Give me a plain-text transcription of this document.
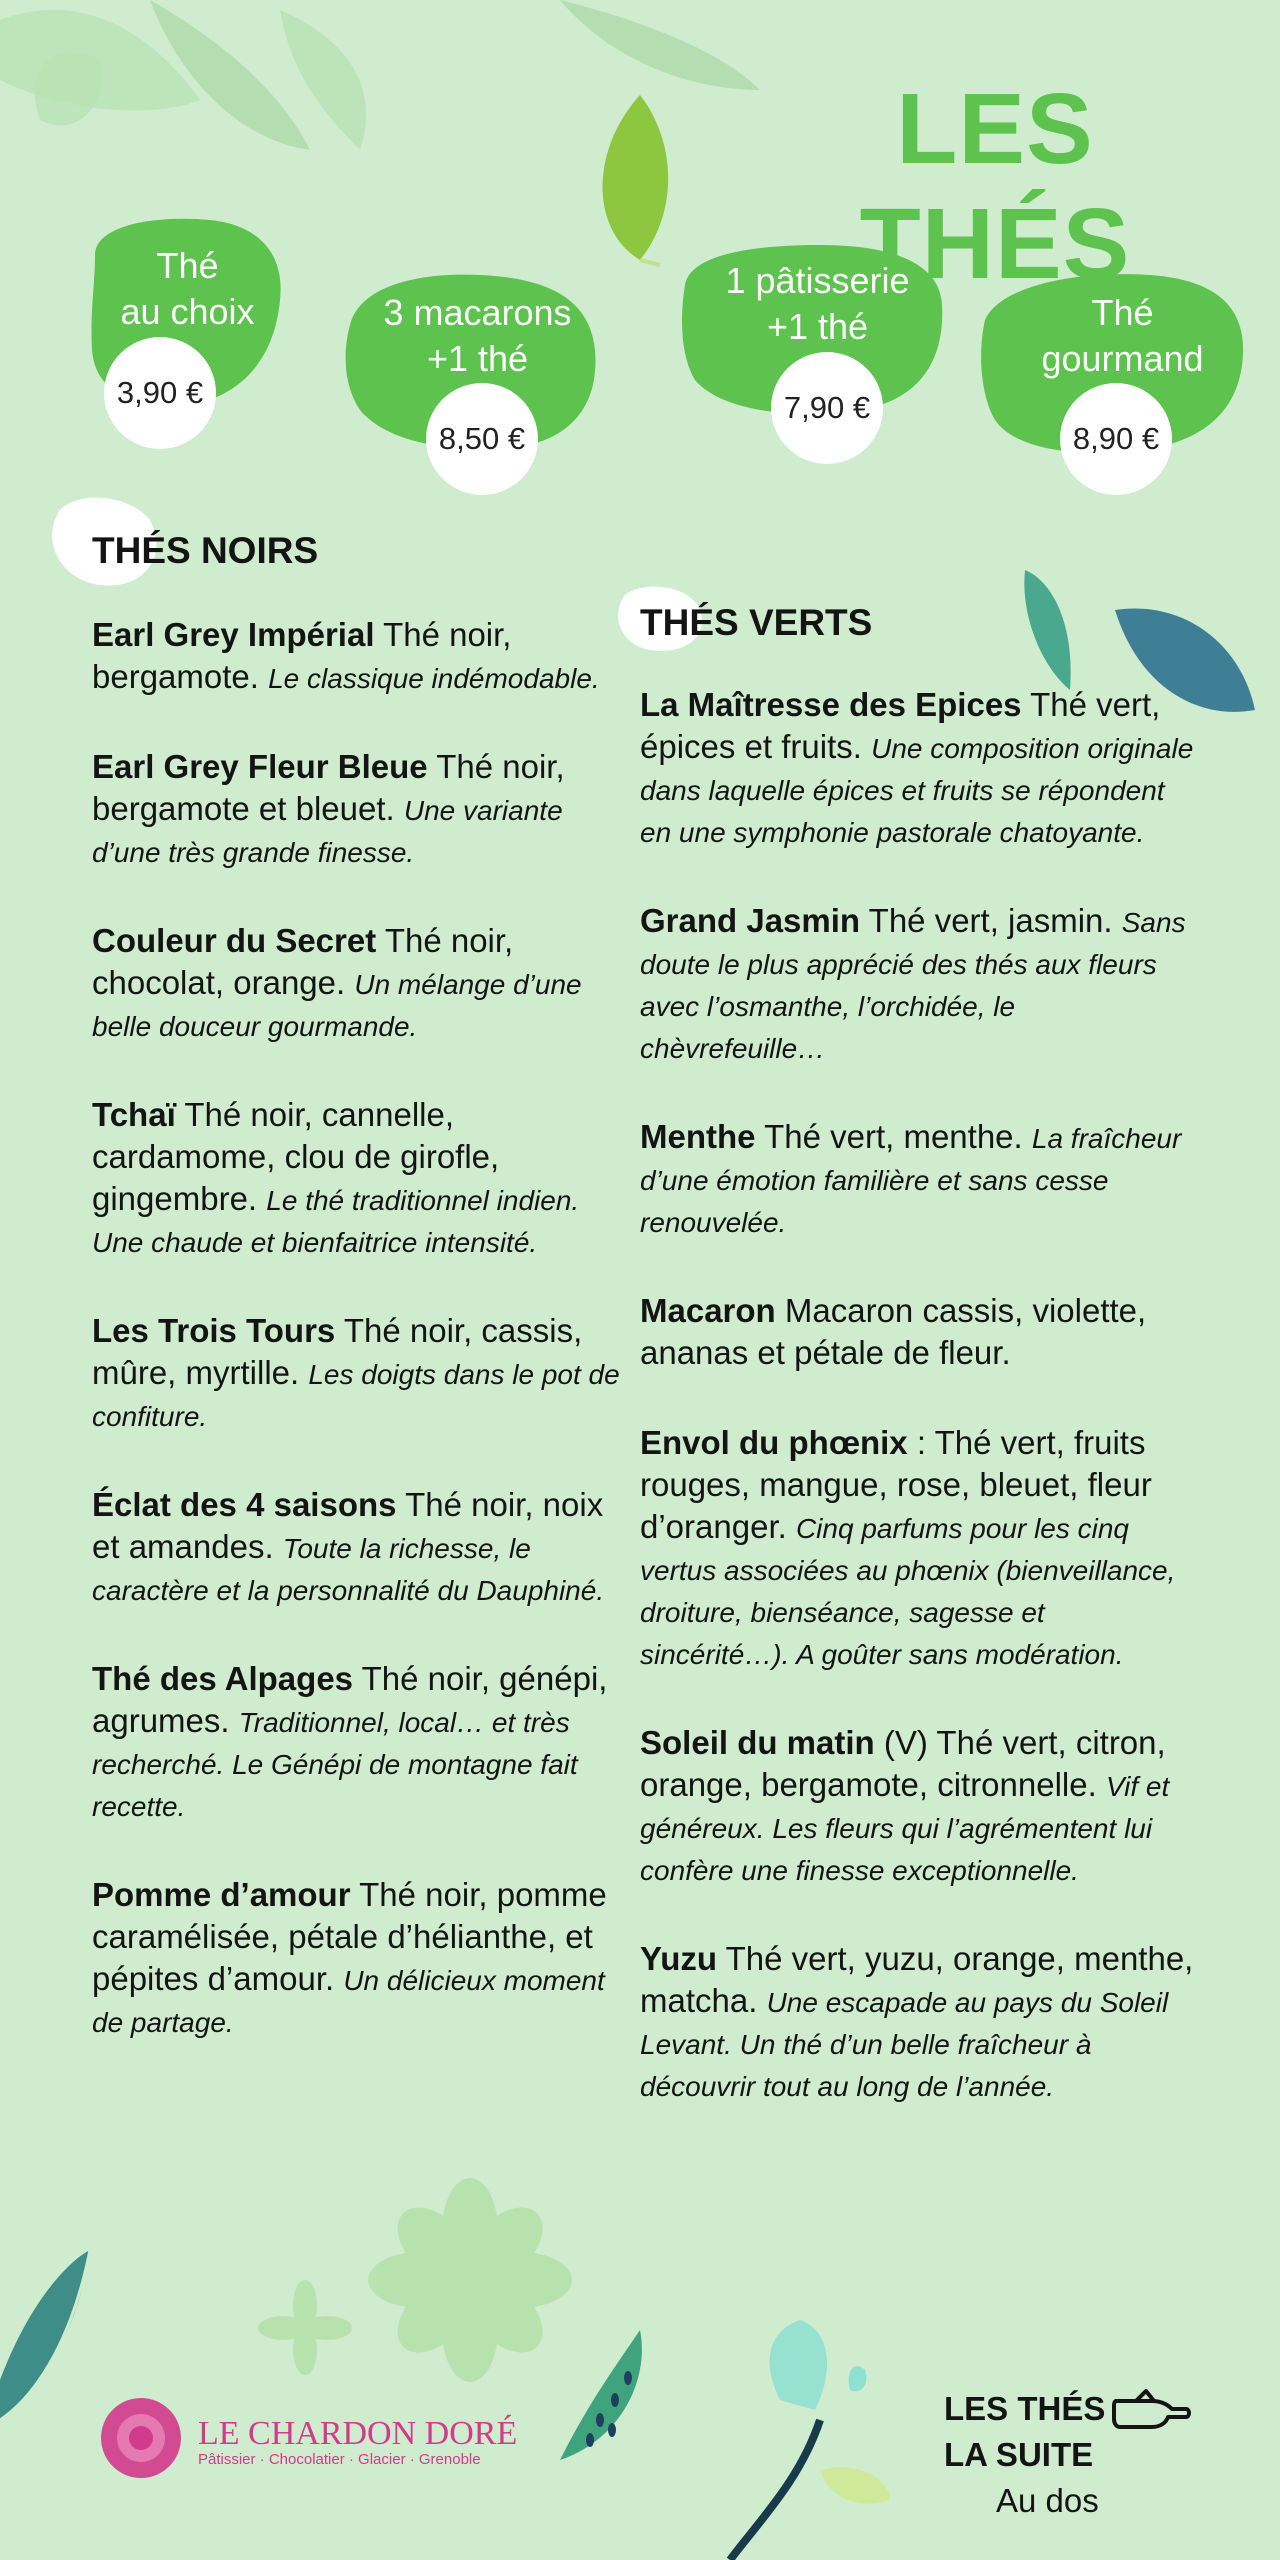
LES THÉS
Thé
au choix
3,90 €
3 macarons
+1 thé
8,50 €
1 pâtisserie
+1 thé
7,90 €
Thé
gourmand
8,90 €
THÉS NOIRS
Earl Grey Impérial Thé noir, bergamote. Le classique indémodable.
Earl Grey Fleur Bleue Thé noir, bergamote et bleuet. Une variante d’une très grande finesse.
Couleur du Secret Thé noir, chocolat, orange. Un mélange d’une belle douceur gourmande.
Tchaï Thé noir, cannelle, cardamome, clou de girofle, gingembre. Le thé traditionnel indien. Une chaude et bienfaitrice intensité.
Les Trois Tours Thé noir, cassis, mûre, myrtille. Les doigts dans le pot de confiture.
Éclat des 4 saisons Thé noir, noix et amandes. Toute la richesse, le caractère et la personnalité du Dauphiné.
Thé des Alpages Thé noir, génépi, agrumes. Traditionnel, local… et très recherché. Le Génépi de montagne fait recette.
Pomme d’amour Thé noir, pomme caramélisée, pétale d’hélianthe, et pépites d’amour. Un délicieux moment de partage.
THÉS VERTS
La Maîtresse des Epices Thé vert, épices et fruits. Une composition originale dans laquelle épices et fruits se répondent en une symphonie pastorale chatoyante.
Grand Jasmin Thé vert, jasmin. Sans doute le plus apprécié des thés aux fleurs avec l’osmanthe, l’orchidée, le chèvrefeuille…
Menthe Thé vert, menthe. La fraîcheur d’une émotion familière et sans cesse renouvelée.
Macaron Macaron cassis, violette, ananas et pétale de fleur.
Envol du phœnix : Thé vert, fruits rouges, mangue, rose, bleuet, fleur d’oranger. Cinq parfums pour les cinq vertus associées au phœnix (bienveillance, droiture, bienséance, sagesse et sincérité…). A goûter sans modération.
Soleil du matin (V) Thé vert, citron, orange, bergamote, citronnelle. Vif et généreux. Les fleurs qui l’agrémentent lui confère une finesse exceptionnelle.
Yuzu Thé vert, yuzu, orange, menthe, matcha. Une escapade au pays du Soleil Levant. Un thé d’un belle fraîcheur à découvrir tout au long de l’année.
LE CHARDON DORÉ
Pâtissier · Chocolatier · Glacier · Grenoble
LES THÉS
LA SUITE
Au dos
